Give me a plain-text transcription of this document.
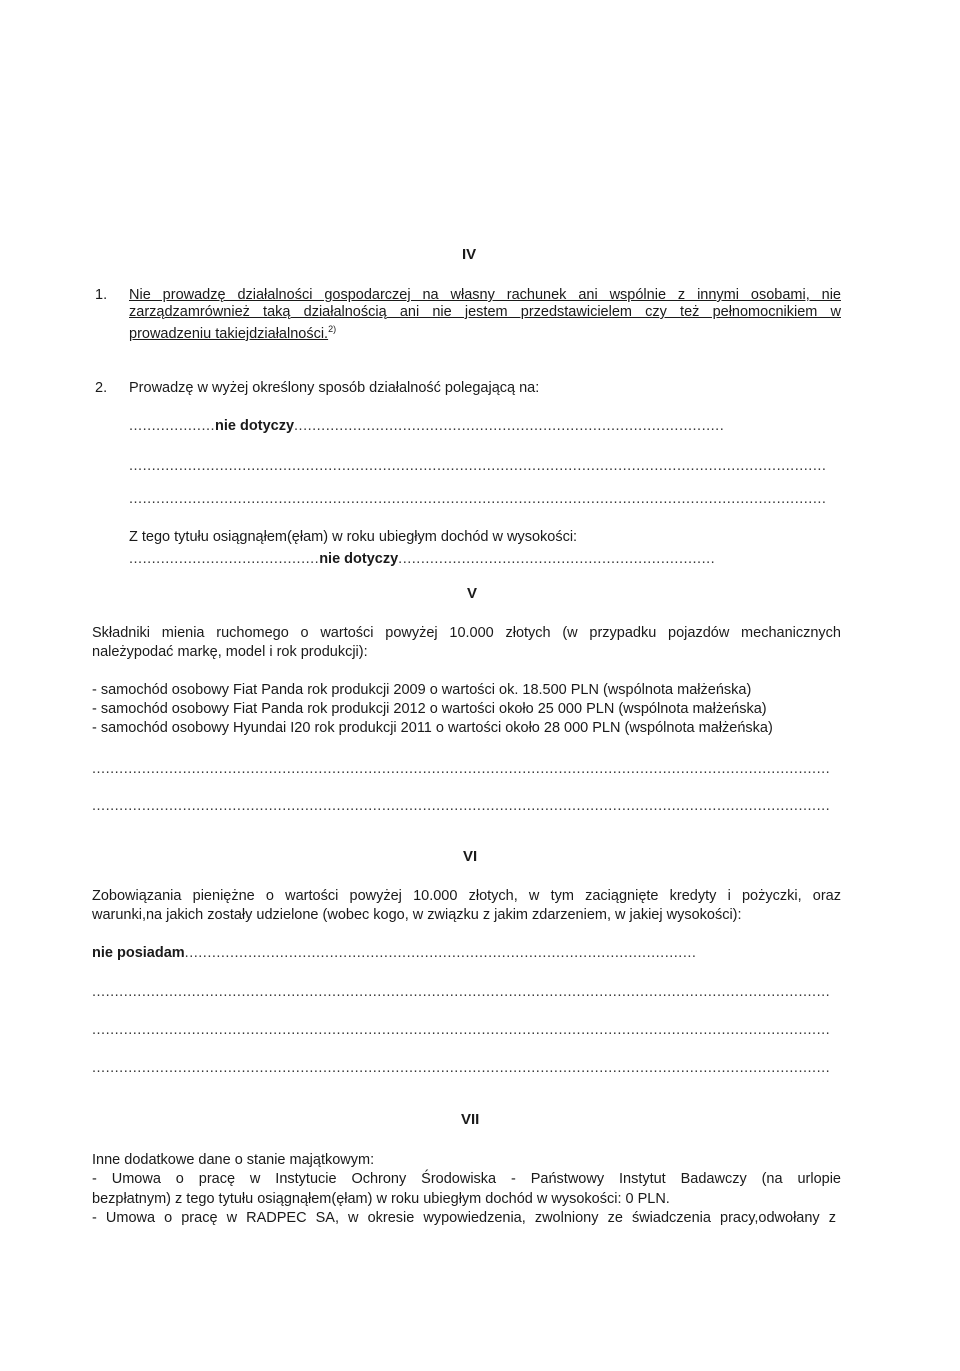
IV
1. Nie prowadzę działalności gospodarczej na własny rachunek ani wspólnie z innymi osobami, nie
zarządzamrównież taką działalnością ani nie jestem przedstawicielem czy też pełnomocnikiem w
prowadzeniu takiejdziałalności.$^{2)}$
2. Prowadzę w wyżej określony sposób działalność polegającą na:
...................nie dotyczy...............................................................................................
..........................................................................................................................................................
..........................................................................................................................................................
Z tego tytułu osiągnąłem(ęłam) w roku ubiegłym dochód w wysokości:
..........................................nie dotyczy......................................................................
V
Składniki mienia ruchomego o wartości powyżej 10.000 złotych (w przypadku pojazdów mechanicznych
należypodać markę, model i rok produkcji):
- samochód osobowy Fiat Panda rok produkcji 2009 o wartości ok. 18.500 PLN (wspólnota małżeńska)
- samochód osobowy Fiat Panda rok produkcji 2012 o wartości około 25 000 PLN (wspólnota małżeńska)
- samochód osobowy Hyundai I20 rok produkcji 2011 o wartości około 28 000 PLN (wspólnota małżeńska)
...................................................................................................................................................................
...................................................................................................................................................................
VI
Zobowiązania pieniężne o wartości powyżej 10.000 złotych, w tym zaciągnięte kredyty i pożyczki, oraz
warunki,na jakich zostały udzielone (wobec kogo, w związku z jakim zdarzeniem, w jakiej wysokości):
nie posiadam.................................................................................................................
...................................................................................................................................................................
...................................................................................................................................................................
...................................................................................................................................................................
VII
Inne dodatkowe dane o stanie majątkowym:
- Umowa o pracę w Instytucie Ochrony Środowiska - Państwowy Instytut Badawczy (na urlopie
bezpłatnym) z tego tytułu osiągnąłem(ęłam) w roku ubiegłym dochód w wysokości: 0 PLN.
- Umowa o pracę w RADPEC SA, w okresie wypowiedzenia, zwolniony ze świadczenia pracy,odwołany z
